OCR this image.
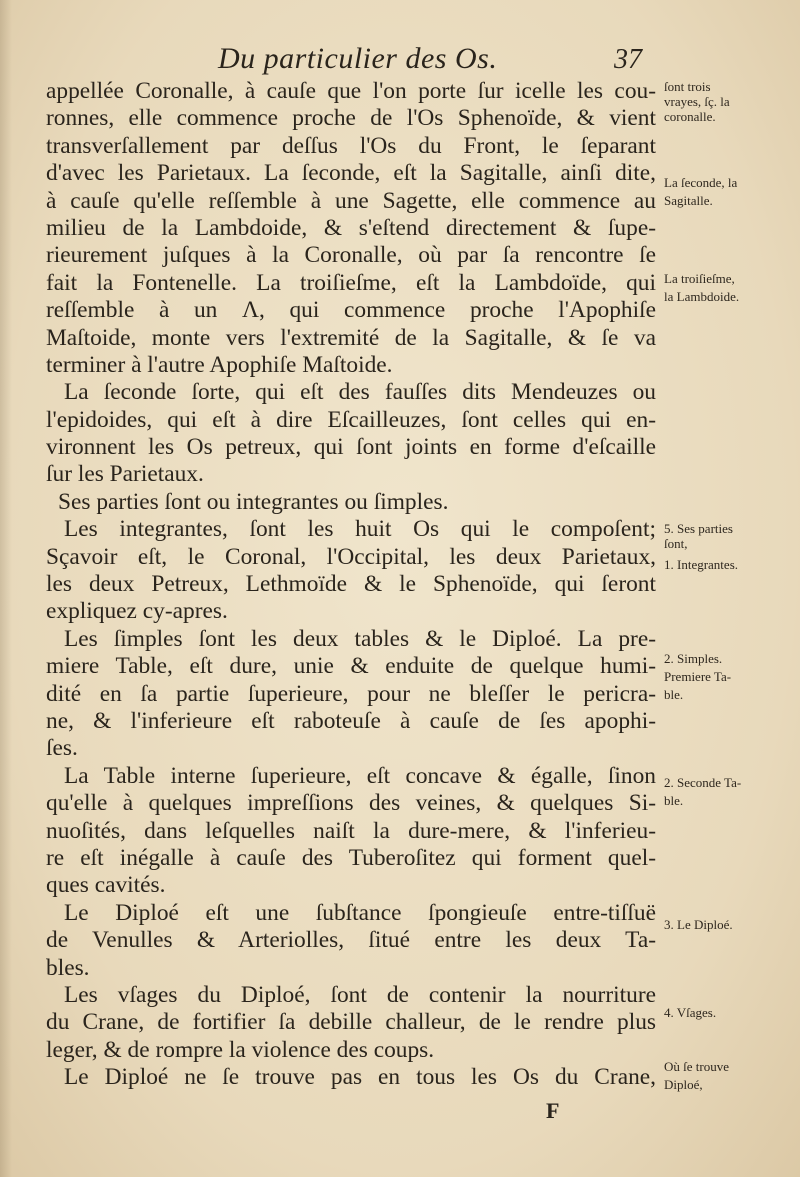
Du particulier des Os.	37
appellée Coronalle, à cauſe que l'on porte ſur icelle les cou-
ronnes, elle commence proche de l'Os Sphenoïde, & vient
transverſallement par deſſus l'Os du Front, le ſeparant
d'avec les Parietaux. La ſeconde, eſt la Sagitalle, ainſi dite,
à cauſe qu'elle reſſemble à une Sagette, elle commence au
milieu de la Lambdoide, & s'eſtend directement & ſupe-
rieurement juſques à la Coronalle, où par ſa rencontre ſe
fait la Fontenelle. La troiſieſme, eſt la Lambdoïde, qui
reſſemble à un Λ, qui commence proche l'Apophiſe
Maſtoide, monte vers l'extremité de la Sagitalle, & ſe va
terminer à l'autre Apophiſe Maſtoide.
La ſeconde ſorte, qui eſt des fauſſes dits Mendeuzes ou
l'epidoides, qui eſt à dire Eſcailleuzes, ſont celles qui en-
vironnent les Os petreux, qui ſont joints en forme d'eſcaille
ſur les Parietaux.
Ses parties ſont ou integrantes ou ſimples.
Les integrantes, ſont les huit Os qui le compoſent;
Sçavoir eſt, le Coronal, l'Occipital, les deux Parietaux,
les deux Petreux, Lethmoïde & le Sphenoïde, qui ſeront
expliquez cy-apres.
Les ſimples ſont les deux tables & le Diploé. La pre-
miere Table, eſt dure, unie & enduite de quelque humi-
dité en ſa partie ſuperieure, pour ne bleſſer le pericra-
ne, & l'inferieure eſt raboteuſe à cauſe de ſes apophi-
ſes.
La Table interne ſuperieure, eſt concave & égalle, ſinon
qu'elle à quelques impreſſions des veines, & quelques Si-
nuoſités, dans leſquelles naiſt la dure-mere, & l'inferieu-
re eſt inégalle à cauſe des Tuberoſitez qui forment quel-
ques cavités.
Le Diploé eſt une ſubſtance ſpongieuſe entre-tiſſuë
de Venulles & Arteriolles, ſitué entre les deux Ta-
bles.
Les vſages du Diploé, ſont de contenir la nourriture
du Crane, de fortifier ſa debille challeur, de le rendre plus
leger, & de rompre la violence des coups.
Le Diploé ne ſe trouve pas en tous les Os du Crane,
ſont trois
vrayes, ſç. la
coronalle.
La ſeconde, la
Sagitalle.
La troiſieſme,
la Lambdoide.
5. Ses parties
ſont,
1. Integrantes.
2. Simples.
Premiere Ta-
ble.
2. Seconde Ta-
ble.
3. Le Diploé.
4. Vſages.
Où ſe trouve
Diploé,
F
